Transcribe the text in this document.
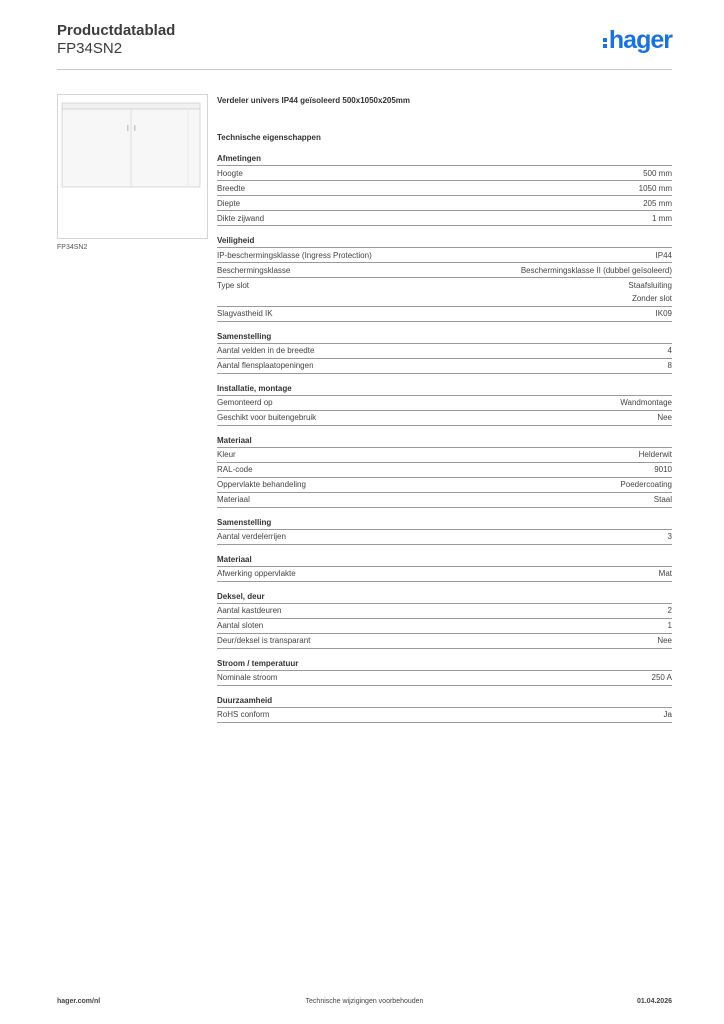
Productdatablad
FP34SN2	hager
FP34SN2
Verdeler univers IP44 geïsoleerd 500x1050x205mm
Technische eigenschappen
Afmetingen
Hoogte	500 mm
Breedte	1050 mm
Diepte	205 mm
Dikte zijwand	1 mm
Veiligheid
IP-beschermingsklasse (Ingress Protection)	IP44
Beschermingsklasse	Beschermingsklasse II (dubbel geïsoleerd)
Type slot	Staafsluiting
Zonder slot
Slagvastheid IK	IK09
Samenstelling
Aantal velden in de breedte	4
Aantal flensplaatopeningen	8
Installatie, montage
Gemonteerd op	Wandmontage
Geschikt voor buitengebruik	Nee
Materiaal
Kleur	Helderwit
RAL-code	9010
Oppervlakte behandeling	Poedercoating
Materiaal	Staal
Samenstelling
Aantal verdelerrijen	3
Materiaal
Afwerking oppervlakte	Mat
Deksel, deur
Aantal kastdeuren	2
Aantal sloten	1
Deur/deksel is transparant	Nee
Stroom / temperatuur
Nominale stroom	250 A
Duurzaamheid
RoHS conform	Ja
hager.com/nl	Technische wijzigingen voorbehouden	01.04.2026
